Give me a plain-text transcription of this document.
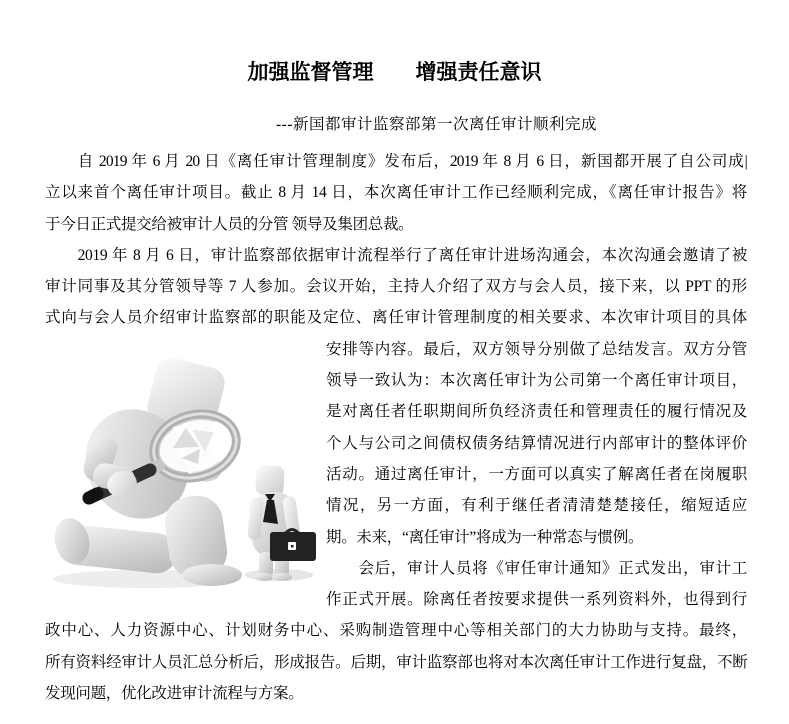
加强监督管理　　增强责任意识
---新国都审计监察部第一次离任审计顺利完成
　　自 2019 年 6 月 20 日《离任审计管理制度》发布后，2019 年 8 月 6 日，新国都开展了自公司成|
立以来首个离任审计项目。截止 8 月 14 日，本次离任审计工作已经顺利完成，《离任审计报告》将
于今日正式提交给被审计人员的分管 领导及集团总裁。
　　2019 年 8 月 6 日，审计监察部依据审计流程举行了离任审计进场沟通会，本次沟通会邀请了被
审计同事及其分管领导等 7 人参加。会议开始，主持人介绍了双方与会人员，接下来，以 PPT 的形
式向与会人员介绍审计监察部的职能及定位、离任审计管理制度的相关要求、本次审计项目的具体
安排等内容。最后，双方领导分别做了总结发言。双方分管
领导一致认为：本次离任审计为公司第一个离任审计项目，
是对离任者任职期间所负经济责任和管理责任的履行情况及
个人与公司之间债权债务结算情况进行内部审计的整体评价
活动。通过离任审计，一方面可以真实了解离任者在岗履职
情况，另一方面，有利于继任者清清楚楚接任，缩短适应
期。未来，“离任审计”将成为一种常态与惯例。
　　会后，审计人员将《审任审计通知》正式发出，审计工
作正式开展。除离任者按要求提供一系列资料外，也得到行
政中心、人力资源中心、计划财务中心、采购制造管理中心等相关部门的大力协助与支持。最终，
所有资料经审计人员汇总分析后，形成报告。后期，审计监察部也将对本次离任审计工作进行复盘，不断
发现问题，优化改进审计流程与方案。
